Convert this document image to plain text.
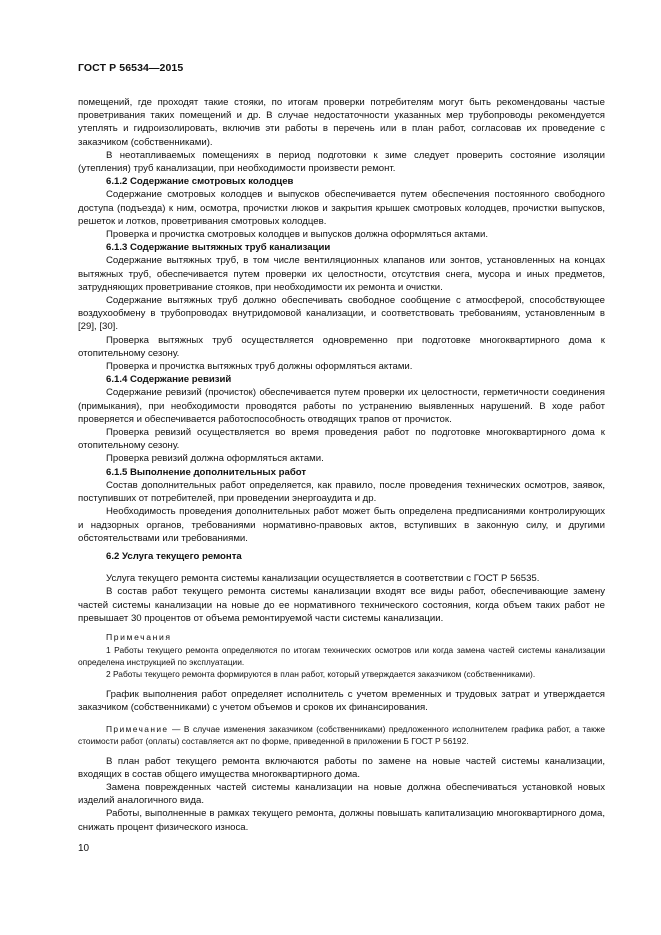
ГОСТ Р 56534—2015

помещений, где проходят такие стояки, по итогам проверки потребителям могут быть рекомендованы частые проветривания таких помещений и др. В случае недостаточности указанных мер трубопроводы рекомендуется утеплять и гидроизолировать, включив эти работы в перечень или в план работ, согласовав их проведение с заказчиком (собственниками).

В неотапливаемых помещениях в период подготовки к зиме следует проверить состояние изоляции (утепления) труб канализации, при необходимости произвести ремонт.

6.1.2 Содержание смотровых колодцев

Содержание смотровых колодцев и выпусков обеспечивается путем обеспечения постоянного свободного доступа (подъезда) к ним, осмотра, прочистки люков и закрытия крышек смотровых колодцев, прочистки выпусков, решеток и лотков, проветривания смотровых колодцев.

Проверка и прочистка смотровых колодцев и выпусков должна оформляться актами.

6.1.3 Содержание вытяжных труб канализации

Содержание вытяжных труб, в том числе вентиляционных клапанов или зонтов, установленных на концах вытяжных труб, обеспечивается путем проверки их целостности, отсутствия снега, мусора и иных предметов, затрудняющих проветривание стояков, при необходимости их ремонта и очистки.

Содержание вытяжных труб должно обеспечивать свободное сообщение с атмосферой, способствующее воздухообмену в трубопроводах внутридомовой канализации, и соответствовать требованиям, установленным в [29], [30].

Проверка вытяжных труб осуществляется одновременно при подготовке многоквартирного дома к отопительному сезону.

Проверка и прочистка вытяжных труб должны оформляться актами.

6.1.4 Содержание ревизий

Содержание ревизий (прочисток) обеспечивается путем проверки их целостности, герметичности соединения (примыкания), при необходимости проводятся работы по устранению выявленных нарушений. В ходе работ проверяется и обеспечивается работоспособность отводящих трапов от прочисток.

Проверка ревизий осуществляется во время проведения работ по подготовке многоквартирного дома к отопительному сезону.

Проверка ревизий должна оформляться актами.

6.1.5 Выполнение дополнительных работ

Состав дополнительных работ определяется, как правило, после проведения технических осмотров, заявок, поступивших от потребителей, при проведении энергоаудита и др.

Необходимость проведения дополнительных работ может быть определена предписаниями контролирующих и надзорных органов, требованиями нормативно-правовых актов, вступивших в законную силу, и другими обстоятельствами или требованиями.

6.2 Услуга текущего ремонта

Услуга текущего ремонта системы канализации осуществляется в соответствии с ГОСТ Р 56535.

В состав работ текущего ремонта системы канализации входят все виды работ, обеспечивающие замену частей системы канализации на новые до ее нормативного технического состояния, когда объем таких работ не превышает 30 процентов от объема ремонтируемой части системы канализации.

Примечания

1 Работы текущего ремонта определяются по итогам технических осмотров или когда замена частей системы канализации определена инструкцией по эксплуатации.

2 Работы текущего ремонта формируются в план работ, который утверждается заказчиком (собственниками).

График выполнения работ определяет исполнитель с учетом временных и трудовых затрат и утверждается заказчиком (собственниками) с учетом объемов и сроков их финансирования.

Примечание — В случае изменения заказчиком (собственниками) предложенного исполнителем графика работ, а также стоимости работ (оплаты) составляется акт по форме, приведенной в приложении Б ГОСТ Р 56192.

В план работ текущего ремонта включаются работы по замене на новые частей системы канализации, входящих в состав общего имущества многоквартирного дома.

Замена поврежденных частей системы канализации на новые должна обеспечиваться установкой новых изделий аналогичного вида.

Работы, выполненные в рамках текущего ремонта, должны повышать капитализацию многоквартирного дома, снижать процент физического износа.

10
